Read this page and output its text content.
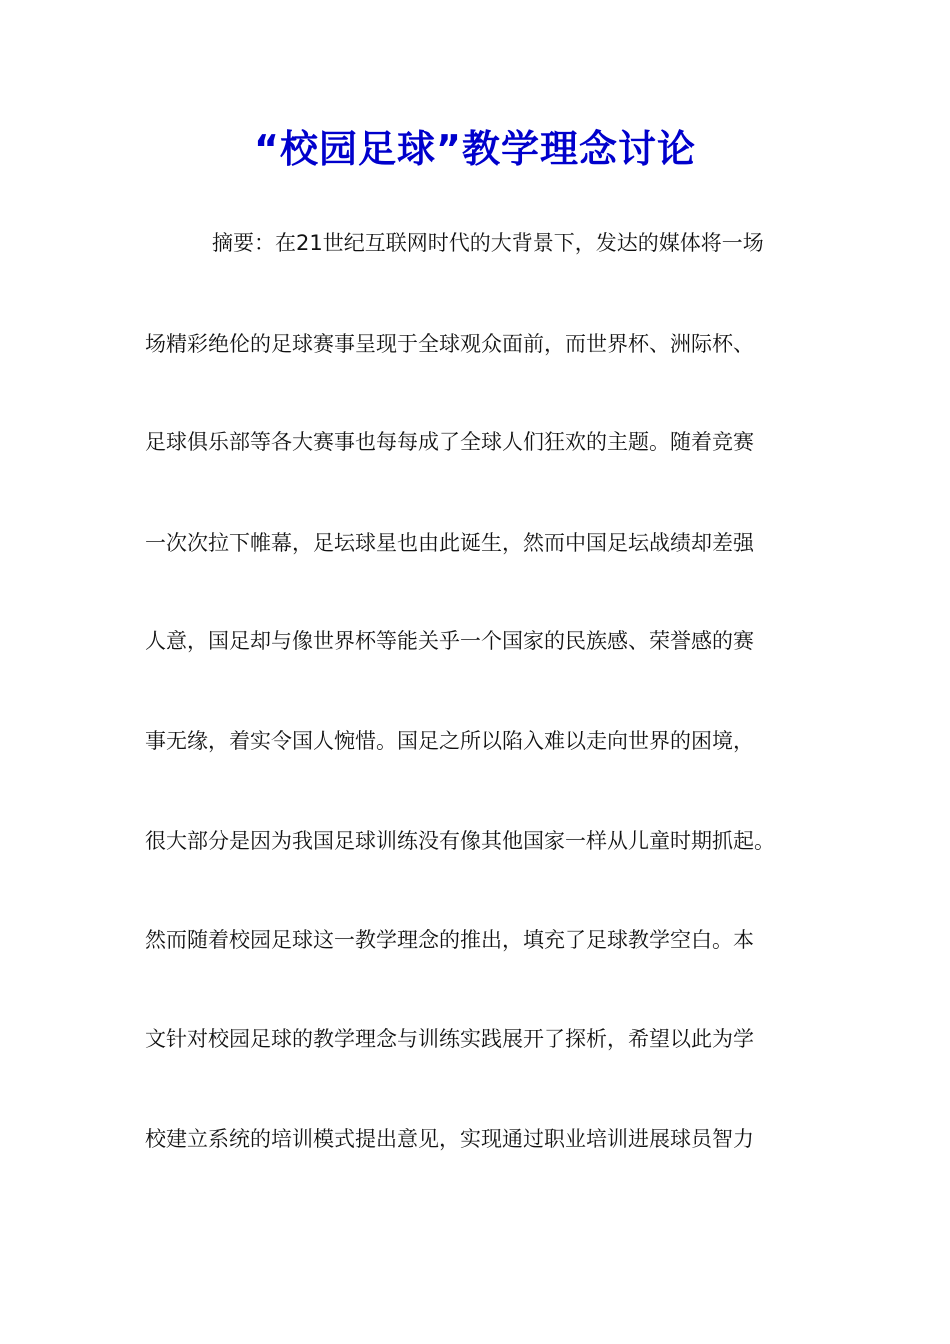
“校园足球”教学理念讨论

摘要：在21世纪互联网时代的大背景下，发达的媒体将一场

场精彩绝伦的足球赛事呈现于全球观众面前，而世界杯、洲际杯、

足球俱乐部等各大赛事也每每成了全球人们狂欢的主题。随着竞赛

一次次拉下帷幕，足坛球星也由此诞生，然而中国足坛战绩却差强

人意，国足却与像世界杯等能关乎一个国家的民族感、荣誉感的赛

事无缘，着实令国人惋惜。国足之所以陷入难以走向世界的困境，

很大部分是因为我国足球训练没有像其他国家一样从儿童时期抓起。

然而随着校园足球这一教学理念的推出，填充了足球教学空白。本

文针对校园足球的教学理念与训练实践展开了探析，希望以此为学

校建立系统的培训模式提出意见，实现通过职业培训进展球员智力
